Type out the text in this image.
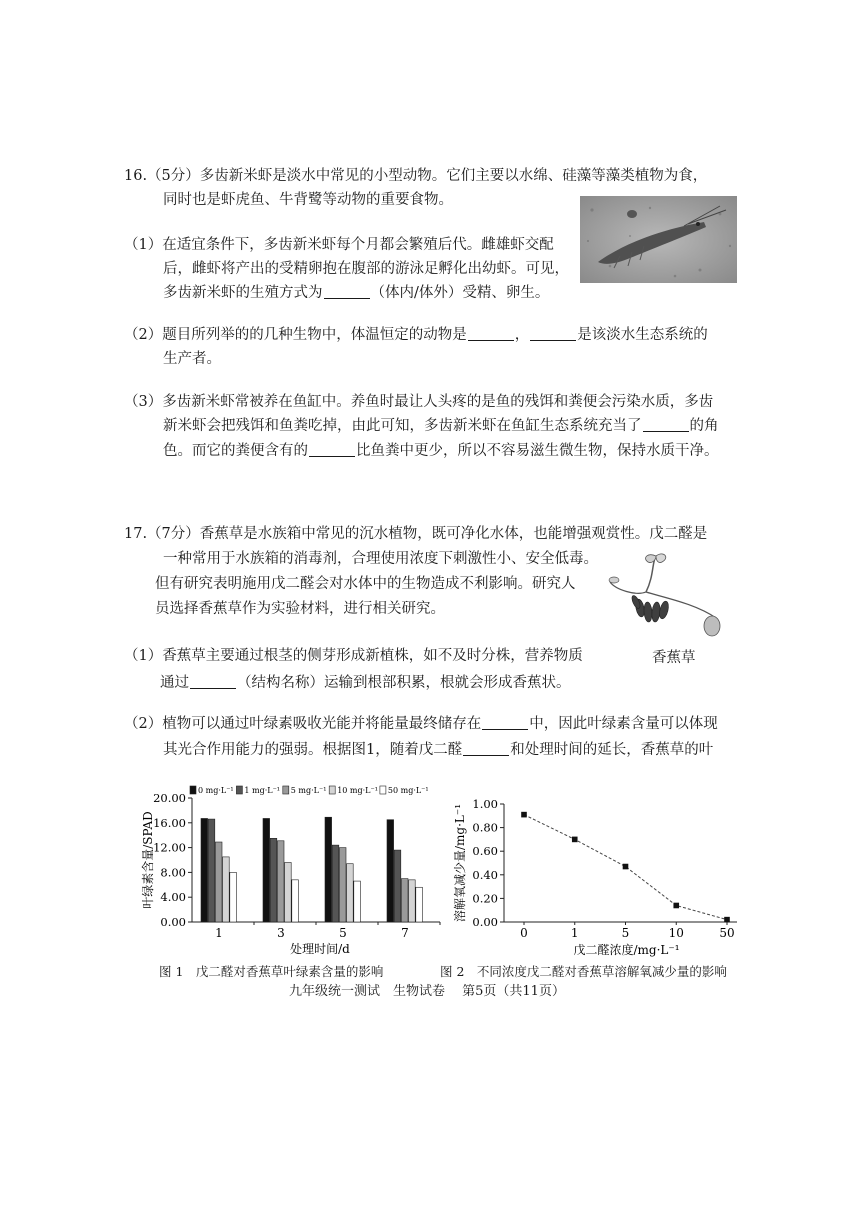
16.（5分）多齿新米虾是淡水中常见的小型动物。它们主要以水绵、硅藻等藻类植物为食，
同时也是虾虎鱼、牛背鹭等动物的重要食物。
（1）在适宜条件下，多齿新米虾每个月都会繁殖后代。雌雄虾交配
后，雌虾将产出的受精卵抱在腹部的游泳足孵化出幼虾。可见，
多齿新米虾的生殖方式为	（体内/体外）受精、卵生。
（2）题目所列举的的几种生物中，体温恒定的动物是	，	是该淡水生态系统的
生产者。
（3）多齿新米虾常被养在鱼缸中。养鱼时最让人头疼的是鱼的残饵和粪便会污染水质，多齿
新米虾会把残饵和鱼粪吃掉，由此可知，多齿新米虾在鱼缸生态系统充当了	的角
色。而它的粪便含有的	比鱼粪中更少，所以不容易滋生微生物，保持水质干净。
17.（7分）香蕉草是水族箱中常见的沉水植物，既可净化水体，也能增强观赏性。戊二醛是
一种常用于水族箱的消毒剂，合理使用浓度下刺激性小、安全低毒。
但有研究表明施用戊二醛会对水体中的生物造成不利影响。研究人
员选择香蕉草作为实验材料，进行相关研究。
香蕉草
（1）香蕉草主要通过根茎的侧芽形成新植株，如不及时分株，营养物质
通过	（结构名称）运输到根部积累，根就会形成香蕉状。
（2）植物可以通过叶绿素吸收光能并将能量最终储存在	中，因此叶绿素含量可以体现
其光合作用能力的强弱。根据图1，随着戊二醛	和处理时间的延长，香蕉草的叶
0 mg·L⁻¹ 1 mg·L⁻¹ 5 mg·L⁻¹ 10 mg·L⁻¹ 50 mg·L⁻¹
0.00
4.00
8.00
12.00
16.00
20.00
1	3	5	7
叶绿素含量/SPAD
处理时间/d
0.00
0.20
0.40
0.60
0.80
1.00
0	1	5	10	50
溶解氧减少量/mg·L⁻¹
戊二醛浓度/mg·L⁻¹
图 1　戊二醛对香蕉草叶绿素含量的影响	图 2　不同浓度戊二醛对香蕉草溶解氧减少量的影响
九年级统一测试　生物试卷　 第5页（共11页）
